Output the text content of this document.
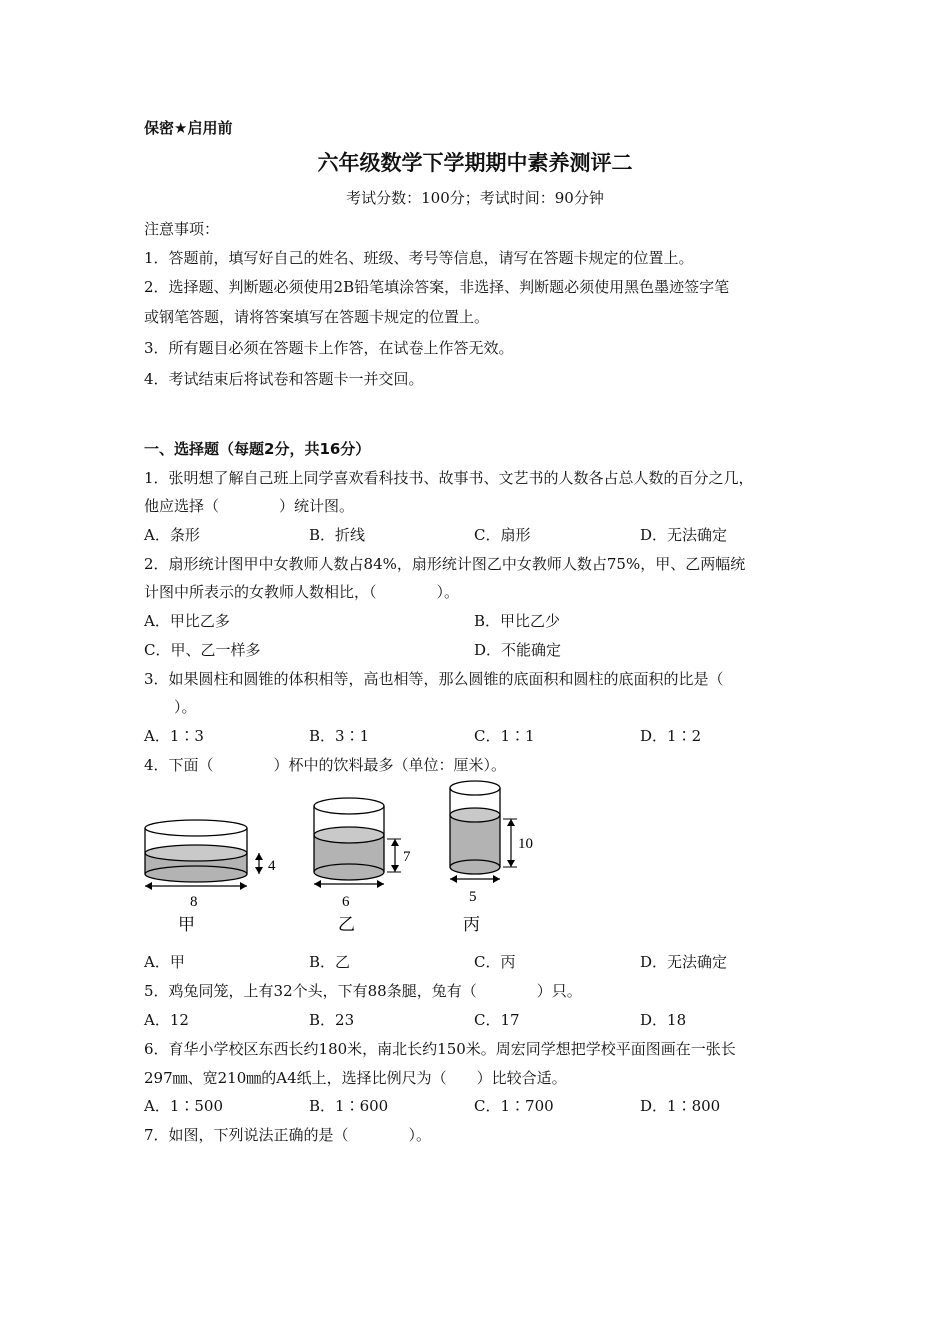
保密★启用前
六年级数学下学期期中素养测评二
考试分数：100分；考试时间：90分钟
注意事项：
1．答题前，填写好自己的姓名、班级、考号等信息，请写在答题卡规定的位置上。
2．选择题、判断题必须使用2B铅笔填涂答案，非选择、判断题必须使用黑色墨迹签字笔
或钢笔答题，请将答案填写在答题卡规定的位置上。
3．所有题目必须在答题卡上作答，在试卷上作答无效。
4．考试结束后将试卷和答题卡一并交回。
一、选择题（每题2分，共16分）
1．张明想了解自己班上同学喜欢看科技书、故事书、文艺书的人数各占总人数的百分之几，
他应选择（　　　　）统计图。
A．条形	B．折线	C．扇形	D．无法确定
2．扇形统计图甲中女教师人数占84%，扇形统计图乙中女教师人数占75%，甲、乙两幅统
计图中所表示的女教师人数相比，（　　　　）。
A．甲比乙多	B．甲比乙少
C．甲、乙一样多	D．不能确定
3．如果圆柱和圆锥的体积相等，高也相等，那么圆锥的底面积和圆柱的底面积的比是（
　　）。
A．1∶3	B．3∶1	C．1∶1	D．1∶2
4．下面（　　　　）杯中的饮料最多（单位：厘米）。
4
8
甲
7
6
乙
10
5
丙
A．甲	B．乙	C．丙	D．无法确定
5．鸡兔同笼，上有32个头，下有88条腿，兔有（　　　　）只。
A．12	B．23	C．17	D．18
6．育华小学校区东西长约180米，南北长约150米。周宏同学想把学校平面图画在一张长
297㎜、宽210㎜的A4纸上，选择比例尺为（　　）比较合适。
A．1∶500	B．1∶600	C．1∶700	D．1∶800
7．如图，下列说法正确的是（　　　　）。
